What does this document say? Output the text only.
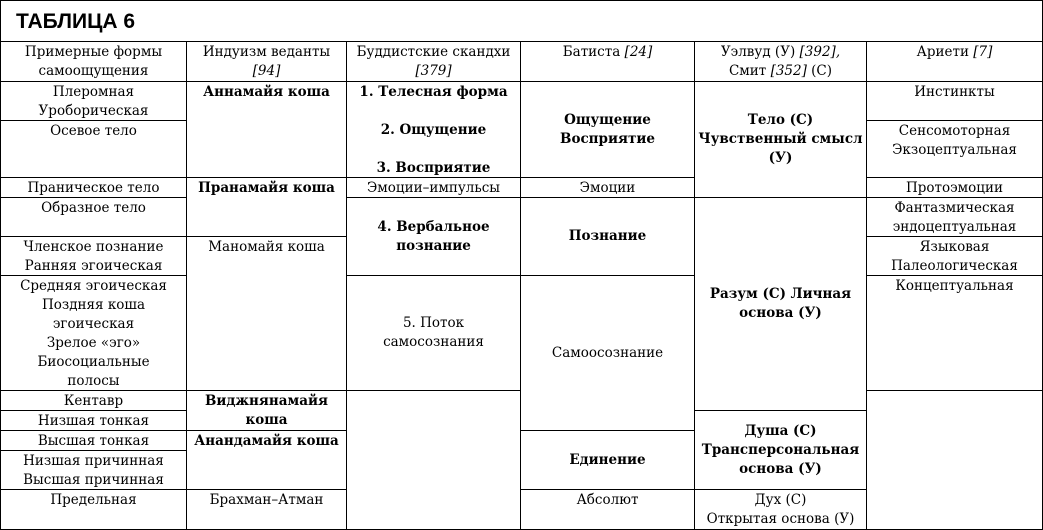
ТАБЛИЦА 6
Примерные формы
самоощущения
Индуизм веданты
[94]
Буддистские скандхи
[379]
Батиста [24]	Уэлвуд (У) [392],
Смит [352] (С)
Ариети [7]
Плеромная
Уроборическая
Осевое тело
Праническое тело
Образное тело
Членское познание
Ранняя эгоическая
Средняя эгоическая
Поздняя коша
эгоическая
Зрелое «эго»
Биосоциальные
полосы
Кентавр
Низшая тонкая
Высшая тонкая
Низшая причинная
Высшая причинная
Предельная
Аннамайя коша
Пранамайя коша
Маномайя коша
Виджнянамайя
коша
Анандамайя коша
Брахман–Атман
1. Телесная форма
2. Ощущение
3. Восприятие
Эмоции–импульсы
4. Вербальное
познание
5. Поток
самосознания
Ощущение
Восприятие
Эмоции
Познание
Самоосознание
Единение
Абсолют
Тело (С)
Чувственный смысл
(У)
Разум (С) Личная
основа (У)
Душа (С)
Трансперсональная
основа (У)
Дух (С)
Открытая основа (У)
Инстинкты
Сенсомоторная
Экзоцептуальная
Протоэмоции
Фантазмическая
эндоцептуальная
Языковая
Палеологическая
Концептуальная
